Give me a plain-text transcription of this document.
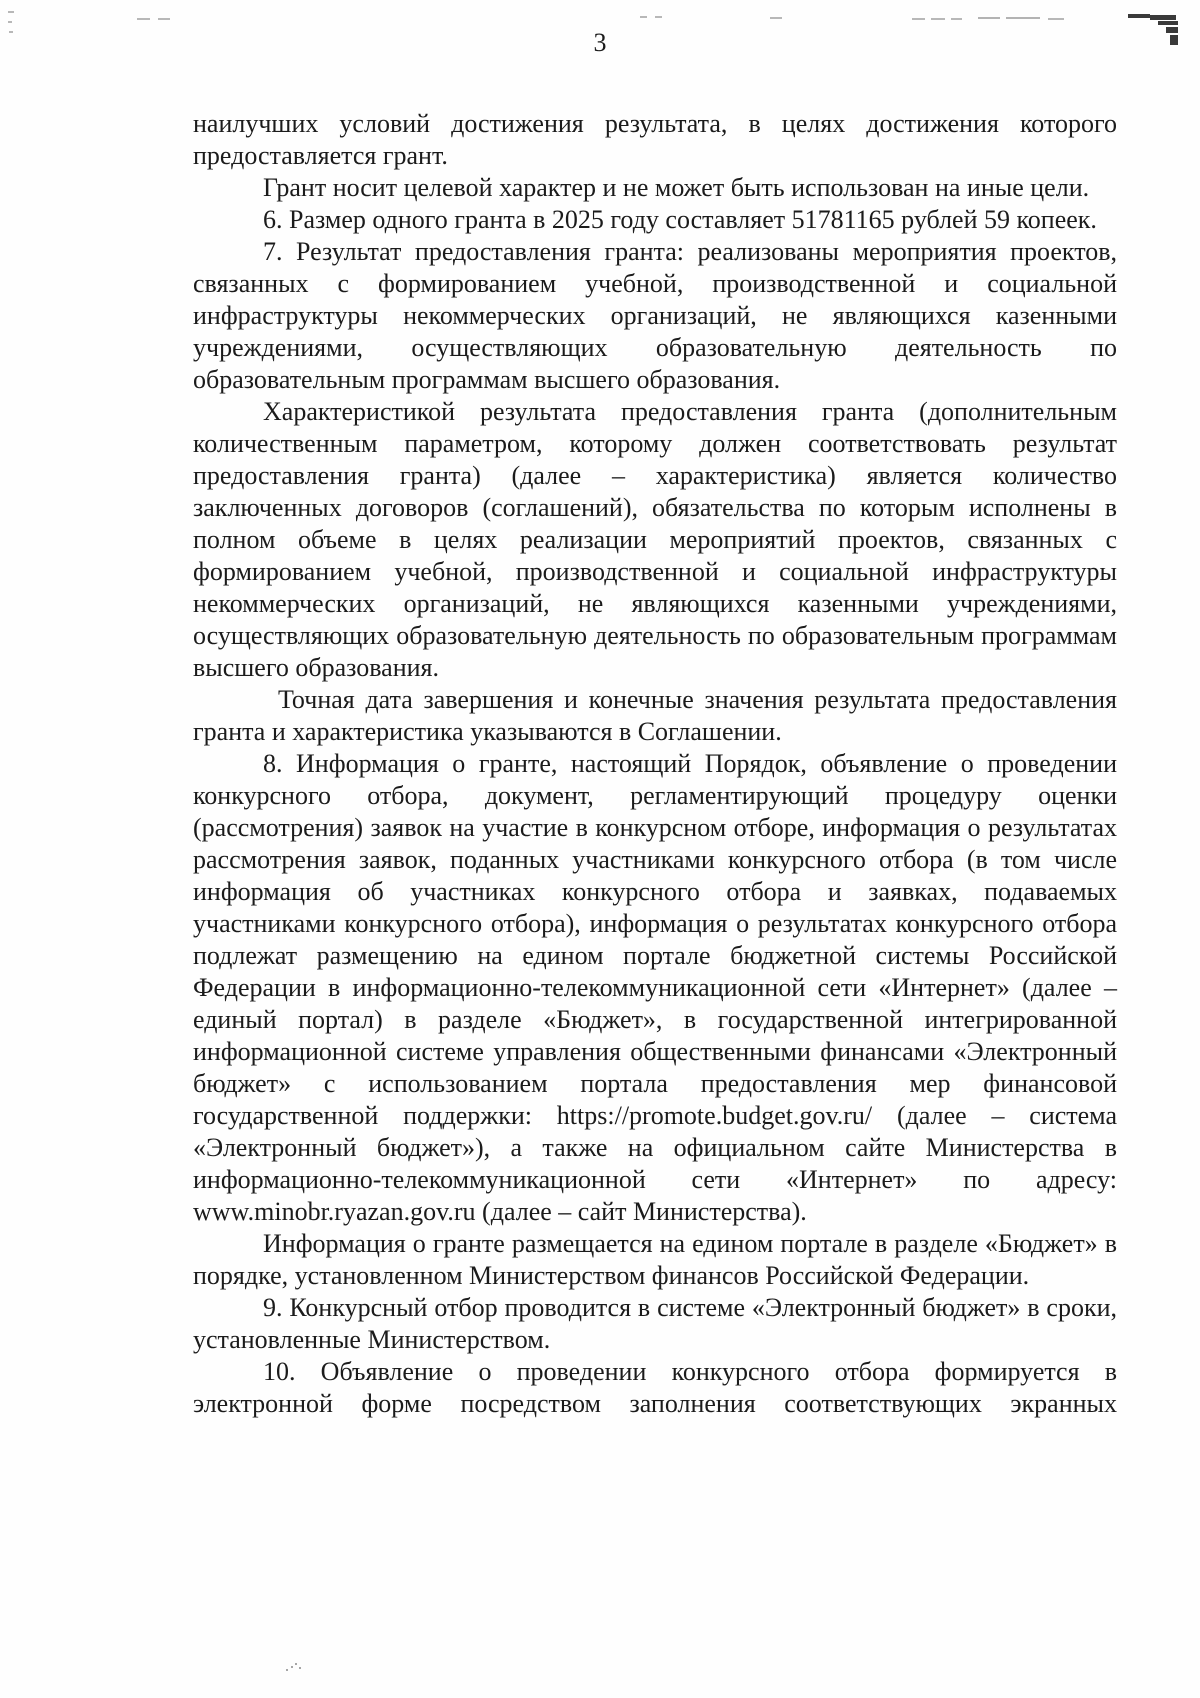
3

наилучших условий достижения результата, в целях достижения которого предоставляется грант.

Грант носит целевой характер и не может быть использован на иные цели.

6. Размер одного гранта в 2025 году составляет 51781165 рублей 59 копеек.

7. Результат предоставления гранта: реализованы мероприятия проектов, связанных с формированием учебной, производственной и социальной инфраструктуры некоммерческих организаций, не являющихся казенными учреждениями, осуществляющих образовательную деятельность по образовательным программам высшего образования.

Характеристикой результата предоставления гранта (дополнительным количественным параметром, которому должен соответствовать результат предоставления гранта) (далее – характеристика) является количество заключенных договоров (соглашений), обязательства по которым исполнены в полном объеме в целях реализации мероприятий проектов, связанных с формированием учебной, производственной и социальной инфраструктуры некоммерческих организаций, не являющихся казенными учреждениями, осуществляющих образовательную деятельность по образовательным программам высшего образования.

Точная дата завершения и конечные значения результата предоставления гранта и характеристика указываются в Соглашении.

8. Информация о гранте, настоящий Порядок, объявление о проведении конкурсного отбора, документ, регламентирующий процедуру оценки (рассмотрения) заявок на участие в конкурсном отборе, информация о результатах рассмотрения заявок, поданных участниками конкурсного отбора (в том числе информация об участниках конкурсного отбора и заявках, подаваемых участниками конкурсного отбора), информация о результатах конкурсного отбора подлежат размещению на едином портале бюджетной системы Российской Федерации в информационно-телекоммуникационной сети «Интернет» (далее – единый портал) в разделе «Бюджет», в государственной интегрированной информационной системе управления общественными финансами «Электронный бюджет» с использованием портала предоставления мер финансовой государственной поддержки: https://promote.budget.gov.ru/ (далее – система «Электронный бюджет»), а также на официальном сайте Министерства в информационно-телекоммуникационной сети «Интернет» по адресу: www.minobr.ryazan.gov.ru (далее – сайт Министерства).

Информация о гранте размещается на едином портале в разделе «Бюджет» в порядке, установленном Министерством финансов Российской Федерации.

9. Конкурсный отбор проводится в системе «Электронный бюджет» в сроки, установленные Министерством.

10. Объявление о проведении конкурсного отбора формируется в электронной форме посредством заполнения соответствующих экранных
